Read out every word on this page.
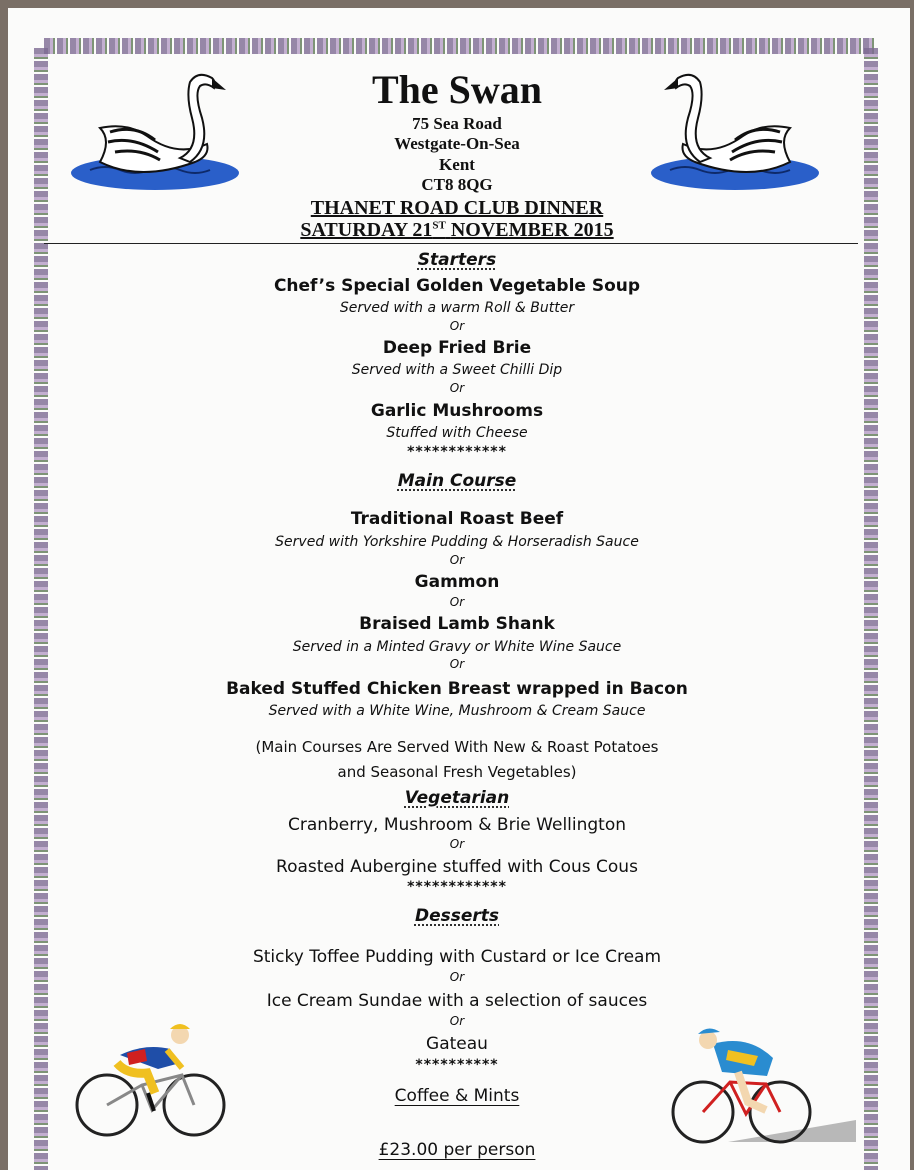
The Swan
75 Sea Road
Westgate-On-Sea
Kent
CT8 8QG
THANET ROAD CLUB DINNER
SATURDAY 21ST NOVEMBER 2015
Starters
Chef’s Special Golden Vegetable Soup
Served with a warm Roll & Butter
Or
Deep Fried Brie
Served with a Sweet Chilli Dip
Or
Garlic Mushrooms
Stuffed with Cheese
************
Main Course
Traditional Roast Beef
Served with Yorkshire Pudding & Horseradish Sauce
Or
Gammon
Or
Braised Lamb Shank
Served in a Minted Gravy or White Wine Sauce
Or
Baked Stuffed Chicken Breast wrapped in Bacon
Served with a White Wine, Mushroom & Cream Sauce
(Main Courses Are Served With New & Roast Potatoes
and Seasonal Fresh Vegetables)
Vegetarian
Cranberry, Mushroom & Brie Wellington
Or
Roasted Aubergine stuffed with Cous Cous
************
Desserts
Sticky Toffee Pudding with Custard or Ice Cream
Or
Ice Cream Sundae with a selection of sauces
Or
Gateau
**********
Coffee & Mints
£23.00 per person
